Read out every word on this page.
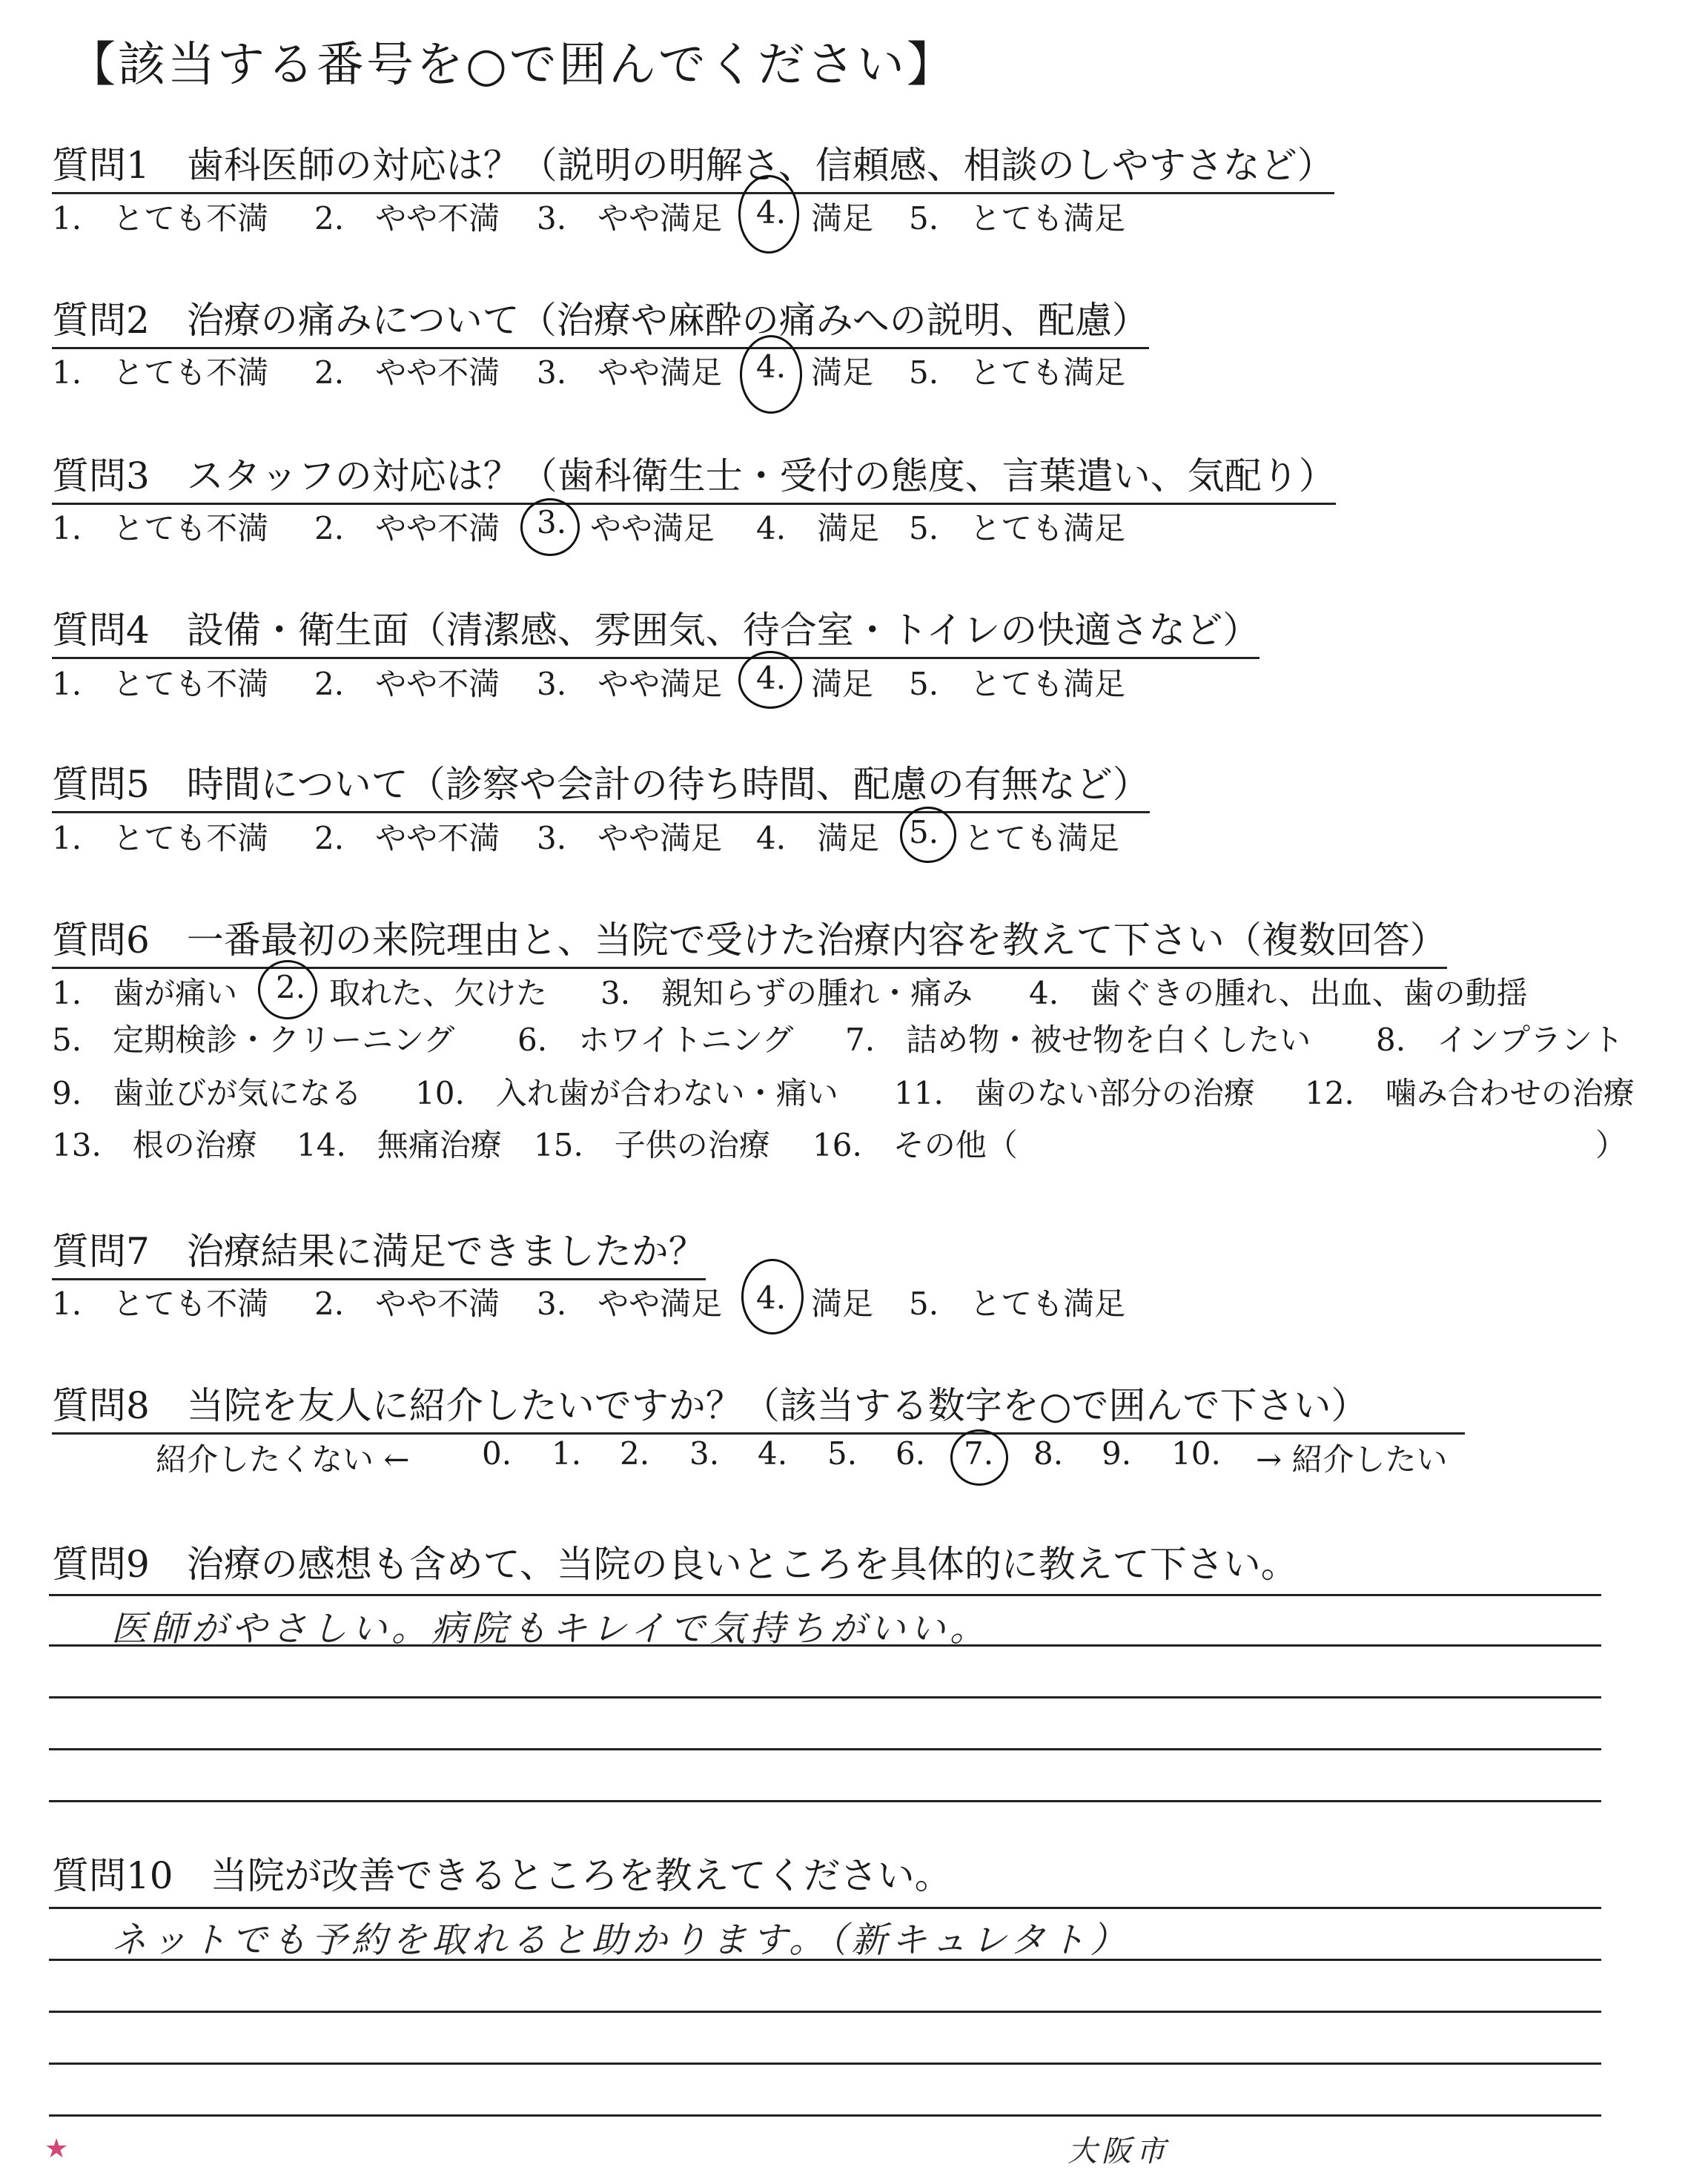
【該当する番号を○で囲んでください】
質問1　歯科医師の対応は？（説明の明解さ、信頼感、相談のしやすさなど）
1.　とても不満 2.　やや不満 3.　やや満足 4. 満足 5.　とても満足
質問2　治療の痛みについて（治療や麻酔の痛みへの説明、配慮）
1.　とても不満 2.　やや不満 3.　やや満足 4. 満足 5.　とても満足
質問3　スタッフの対応は？（歯科衛生士・受付の態度、言葉遣い、気配り）
1.　とても不満 2.　やや不満 3. やや満足 4.　満足 5.　とても満足
質問4　設備・衛生面（清潔感、雰囲気、待合室・トイレの快適さなど）
1.　とても不満 2.　やや不満 3.　やや満足 4. 満足 5.　とても満足
質問5　時間について（診察や会計の待ち時間、配慮の有無など）
1.　とても不満 2.　やや不満 3.　やや満足 4.　満足 5. とても満足
質問6　一番最初の来院理由と、当院で受けた治療内容を教えて下さい（複数回答）
1.　歯が痛い 2. 取れた、欠けた 3.　親知らずの腫れ・痛み 4.　歯ぐきの腫れ、出血、歯の動揺
5.　定期検診・クリーニング 6.　ホワイトニング 7.　詰め物・被せ物を白くしたい 8.　インプラント
9.　歯並びが気になる 10.　入れ歯が合わない・痛い 11.　歯のない部分の治療 12.　噛み合わせの治療
13.　根の治療 14.　無痛治療 15.　子供の治療 16.　その他（	）
質問7　治療結果に満足できましたか？
1.　とても不満 2.　やや不満 3.　やや満足 4. 満足 5.　とても満足
質問8　当院を友人に紹介したいですか？（該当する数字を○で囲んで下さい）
紹介したくない ← 0. 1. 2. 3. 4. 5. 6. 7. 8. 9. 10. → 紹介したい
質問9　治療の感想も含めて、当院の良いところを具体的に教えて下さい。
医師がやさしい。病院もキレイで気持ちがいい。
質問10　当院が改善できるところを教えてください。
ネットでも予約を取れると助かります。（新キュレタト）
★	大阪市
